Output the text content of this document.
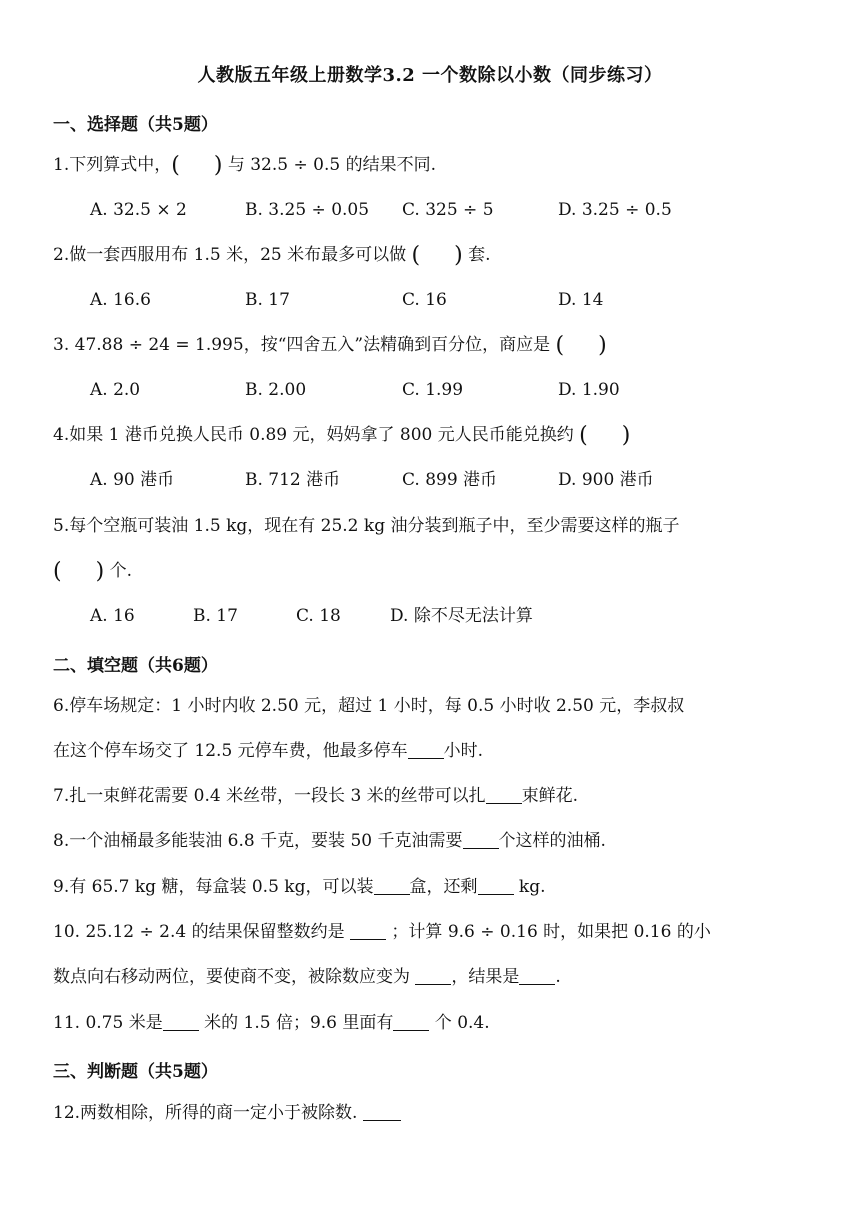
人教版五年级上册数学3.2 一个数除以小数（同步练习）
一、选择题（共5题）
1.下列算式中，( ) 与 32.5 ÷ 0.5 的结果不同.
A. 32.5 × 2	B. 3.25 ÷ 0.05 C. 325 ÷ 5	D. 3.25 ÷ 0.5
2.做一套西服用布 1.5 米，25 米布最多可以做 ( ) 套.
A. 16.6	B. 17	C. 16	D. 14
3. 47.88 ÷ 24 = 1.995，按“四舍五入”法精确到百分位，商应是 ( )
A. 2.0	B. 2.00	C. 1.99	D. 1.90
4.如果 1 港币兑换人民币 0.89 元，妈妈拿了 800 元人民币能兑换约 ( )
A. 90 港币	B. 712 港币	C. 899 港币	D. 900 港币
5.每个空瓶可装油 1.5 kg，现在有 25.2 kg 油分装到瓶子中，至少需要这样的瓶子
( ) 个.
A. 16	B. 17	C. 18	D. 除不尽无法计算
二、填空题（共6题）
6.停车场规定：1 小时内收 2.50 元，超过 1 小时，每 0.5 小时收 2.50 元，李叔叔
在这个停车场交了 12.5 元停车费，他最多停车 小时.
7.扎一束鲜花需要 0.4 米丝带，一段长 3 米的丝带可以扎 束鲜花.
8.一个油桶最多能装油 6.8 千克，要装 50 千克油需要 个这样的油桶.
9.有 65.7 kg 糖，每盒装 0.5 kg，可以装 盒，还剩 kg.
10. 25.12 ÷ 2.4 的结果保留整数约是  ；计算 9.6 ÷ 0.16 时，如果把 0.16 的小
数点向右移动两位，要使商不变，被除数应变为 ，结果是 .
11. 0.75 米是 米的 1.5 倍；9.6 里面有 个 0.4.
三、判断题（共5题）
12.两数相除，所得的商一定小于被除数.
